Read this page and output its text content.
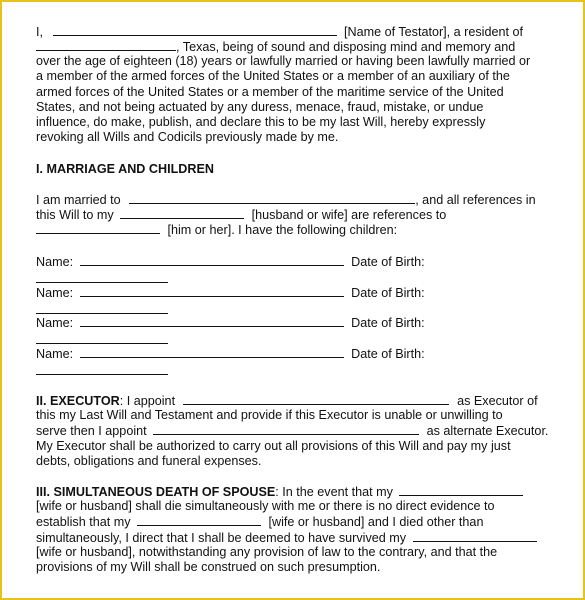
I,	[Name of Testator], a resident of

, Texas, being of sound and disposing mind and memory and

over the age of eighteen (18) years or lawfully married or having been lawfully married or

a member of the armed forces of the United States or a member of an auxiliary of the

armed forces of the United States or a member of the maritime service of the United

States, and not being actuated by any duress, menace, fraud, mistake, or undue

influence, do make, publish, and declare this to be my last Will, hereby expressly

revoking all Wills and Codicils previously made by me.

I. MARRIAGE AND CHILDREN

I am married to	, and all references in

this Will to my	[husband or wife] are references to

[him or her]. I have the following children:

Name:	Date of Birth:

Name:	Date of Birth:

Name:	Date of Birth:

Name:	Date of Birth:

II. EXECUTOR: I appoint	as Executor of

this my Last Will and Testament and provide if this Executor is unable or unwilling to

serve then I appoint	as alternate Executor.

My Executor shall be authorized to carry out all provisions of this Will and pay my just

debts, obligations and funeral expenses.

III. SIMULTANEOUS DEATH OF SPOUSE: In the event that my

[wife or husband] shall die simultaneously with me or there is no direct evidence to

establish that my	[wife or husband] and I died other than

simultaneously, I direct that I shall be deemed to have survived my

[wife or husband], notwithstanding any provision of law to the contrary, and that the

provisions of my Will shall be construed on such presumption.
